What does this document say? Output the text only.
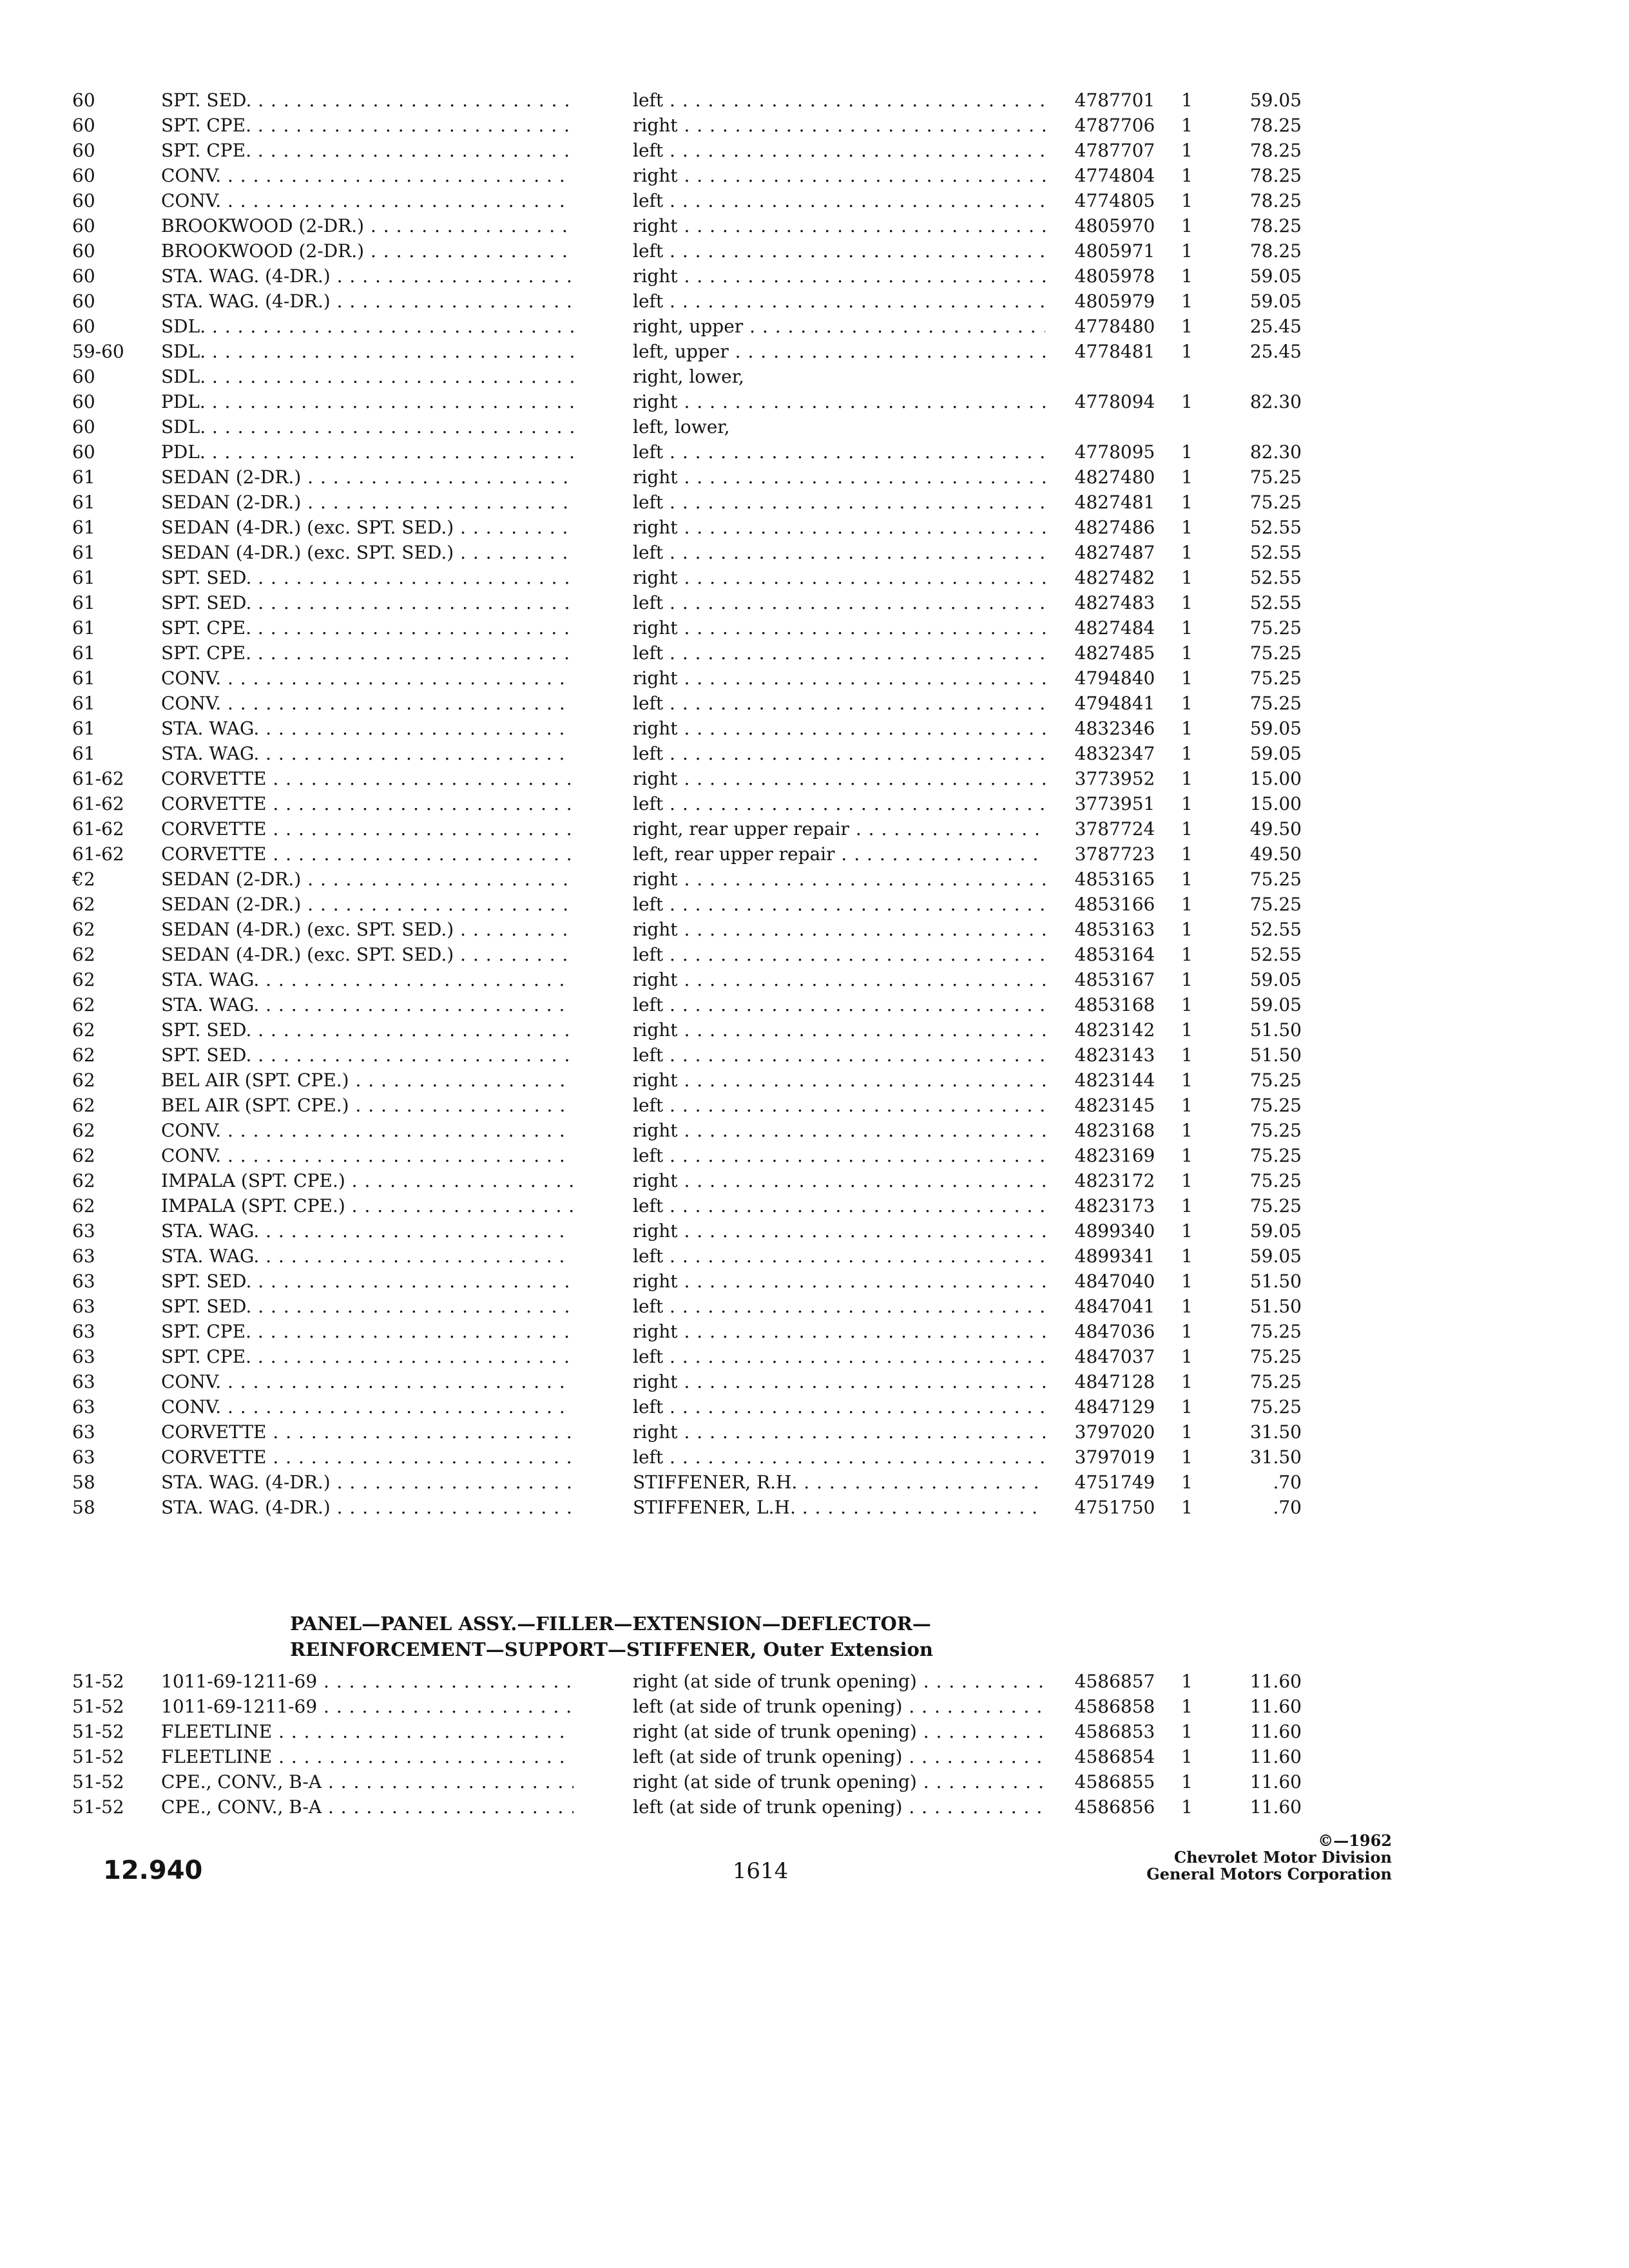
60	SPT. SED. . . .	left . . .	4787701	1	59.05
60	SPT. CPE. . . .	right . . .	4787706	1	78.25
60	SPT. CPE. . . .	left . . .	4787707	1	78.25
60	CONV. . . .	right . . .	4774804	1	78.25
60	CONV. . . .	left . . .	4774805	1	78.25
60	BROOKWOOD (2-DR.) . . .	right . . .	4805970	1	78.25
60	BROOKWOOD (2-DR.) . . .	left . . .	4805971	1	78.25
60	STA. WAG. (4-DR.) . . .	right . . .	4805978	1	59.05
60	STA. WAG. (4-DR.) . . .	left . . .	4805979	1	59.05
60	SDL. . . .	right, upper . . .	4778480	1	25.45
59-60	SDL. . . .	left, upper . . .	4778481	1	25.45
60	SDL. . . .	right, lower,
60	PDL. . . .	right . . .	4778094	1	82.30
60	SDL. . . .	left, lower,
60	PDL. . . .	left . . .	4778095	1	82.30
61	SEDAN (2-DR.) . . .	right . . .	4827480	1	75.25
61	SEDAN (2-DR.) . . .	left . . .	4827481	1	75.25
61	SEDAN (4-DR.) (exc. SPT. SED.) . . .	right . . .	4827486	1	52.55
61	SEDAN (4-DR.) (exc. SPT. SED.) . . .	left . . .	4827487	1	52.55
61	SPT. SED. . . .	right . . .	4827482	1	52.55
61	SPT. SED. . . .	left . . .	4827483	1	52.55
61	SPT. CPE. . . .	right . . .	4827484	1	75.25
61	SPT. CPE. . . .	left . . .	4827485	1	75.25
61	CONV. . . .	right . . .	4794840	1	75.25
61	CONV. . . .	left . . .	4794841	1	75.25
61	STA. WAG. . . .	right . . .	4832346	1	59.05
61	STA. WAG. . . .	left . . .	4832347	1	59.05
61-62	CORVETTE . . .	right . . .	3773952	1	15.00
61-62	CORVETTE . . .	left . . .	3773951	1	15.00
61-62	CORVETTE . . .	right, rear upper repair . . .	3787724	1	49.50
61-62	CORVETTE . . .	left, rear upper repair . . .	3787723	1	49.50
€2	SEDAN (2-DR.) . . .	right . . .	4853165	1	75.25
62	SEDAN (2-DR.) . . .	left . . .	4853166	1	75.25
62	SEDAN (4-DR.) (exc. SPT. SED.) . . .	right . . .	4853163	1	52.55
62	SEDAN (4-DR.) (exc. SPT. SED.) . . .	left . . .	4853164	1	52.55
62	STA. WAG. . . .	right . . .	4853167	1	59.05
62	STA. WAG. . . .	left . . .	4853168	1	59.05
62	SPT. SED. . . .	right . . .	4823142	1	51.50
62	SPT. SED. . . .	left . . .	4823143	1	51.50
62	BEL AIR (SPT. CPE.) . . .	right . . .	4823144	1	75.25
62	BEL AIR (SPT. CPE.) . . .	left . . .	4823145	1	75.25
62	CONV. . . .	right . . .	4823168	1	75.25
62	CONV. . . .	left . . .	4823169	1	75.25
62	IMPALA (SPT. CPE.) . . .	right . . .	4823172	1	75.25
62	IMPALA (SPT. CPE.) . . .	left . . .	4823173	1	75.25
63	STA. WAG. . . .	right . . .	4899340	1	59.05
63	STA. WAG. . . .	left . . .	4899341	1	59.05
63	SPT. SED. . . .	right . . .	4847040	1	51.50
63	SPT. SED. . . .	left . . .	4847041	1	51.50
63	SPT. CPE. . . .	right . . .	4847036	1	75.25
63	SPT. CPE. . . .	left . . .	4847037	1	75.25
63	CONV. . . .	right . . .	4847128	1	75.25
63	CONV. . . .	left . . .	4847129	1	75.25
63	CORVETTE . . .	right . . .	3797020	1	31.50
63	CORVETTE . . .	left . . .	3797019	1	31.50
58	STA. WAG. (4-DR.) . . .	STIFFENER, R.H. . . .	4751749	1	.70
58	STA. WAG. (4-DR.) . . .	STIFFENER, L.H. . . .	4751750	1	.70
PANEL—PANEL ASSY.—FILLER—EXTENSION—DEFLECTOR—
REINFORCEMENT—SUPPORT—STIFFENER, Outer Extension
51-52	1011-69-1211-69 . . .	right (at side of trunk opening) . . .	4586857	1	11.60
51-52	1011-69-1211-69 . . .	left (at side of trunk opening) . . .	4586858	1	11.60
51-52	FLEETLINE . . .	right (at side of trunk opening) . . .	4586853	1	11.60
51-52	FLEETLINE . . .	left (at side of trunk opening) . . .	4586854	1	11.60
51-52	CPE., CONV., B-A . . .	right (at side of trunk opening) . . .	4586855	1	11.60
51-52	CPE., CONV., B-A . . .	left (at side of trunk opening) . . .	4586856	1	11.60
12.940	1614
©—1962
Chevrolet Motor Division
General Motors Corporation
